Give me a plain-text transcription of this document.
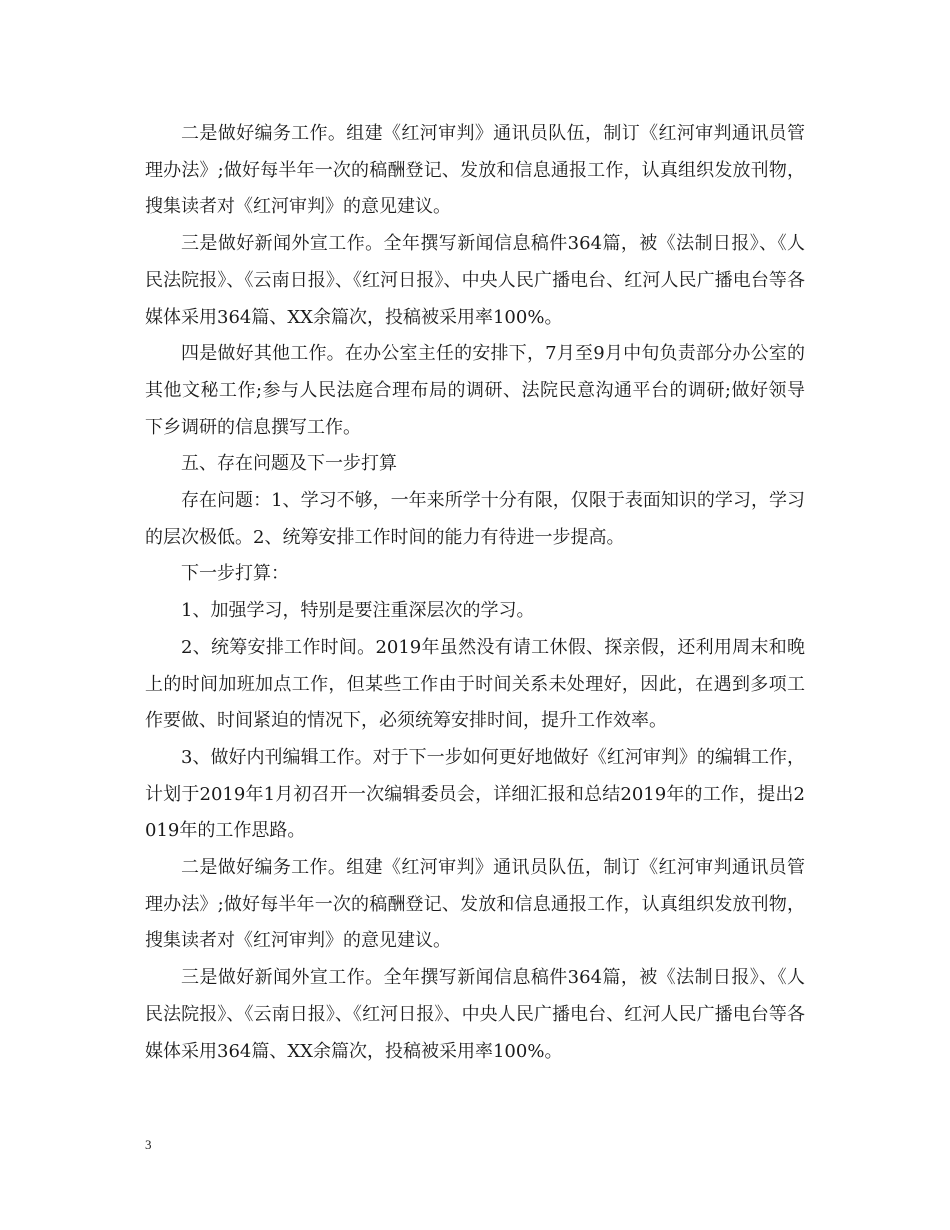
二是做好编务工作。组建《红河审判》通讯员队伍，制订《红河审判通讯员管理办法》;做好每半年一次的稿酬登记、发放和信息通报工作，认真组织发放刊物，搜集读者对《红河审判》的意见建议。

三是做好新闻外宣工作。全年撰写新闻信息稿件364篇，被《法制日报》、《人民法院报》、《云南日报》、《红河日报》、中央人民广播电台、红河人民广播电台等各媒体采用364篇、XX余篇次，投稿被采用率100%。

四是做好其他工作。在办公室主任的安排下，7月至9月中旬负责部分办公室的其他文秘工作;参与人民法庭合理布局的调研、法院民意沟通平台的调研;做好领导下乡调研的信息撰写工作。

五、存在问题及下一步打算

存在问题：1、学习不够，一年来所学十分有限，仅限于表面知识的学习，学习的层次极低。2、统筹安排工作时间的能力有待进一步提高。

下一步打算：

1、加强学习，特别是要注重深层次的学习。

2、统筹安排工作时间。2019年虽然没有请工休假、探亲假，还利用周末和晚上的时间加班加点工作，但某些工作由于时间关系未处理好，因此，在遇到多项工作要做、时间紧迫的情况下，必须统筹安排时间，提升工作效率。

3、做好内刊编辑工作。对于下一步如何更好地做好《红河审判》的编辑工作，计划于2019年1月初召开一次编辑委员会，详细汇报和总结2019年的工作，提出2019年的工作思路。

二是做好编务工作。组建《红河审判》通讯员队伍，制订《红河审判通讯员管理办法》;做好每半年一次的稿酬登记、发放和信息通报工作，认真组织发放刊物，搜集读者对《红河审判》的意见建议。

三是做好新闻外宣工作。全年撰写新闻信息稿件364篇，被《法制日报》、《人民法院报》、《云南日报》、《红河日报》、中央人民广播电台、红河人民广播电台等各媒体采用364篇、XX余篇次，投稿被采用率100%。

3
